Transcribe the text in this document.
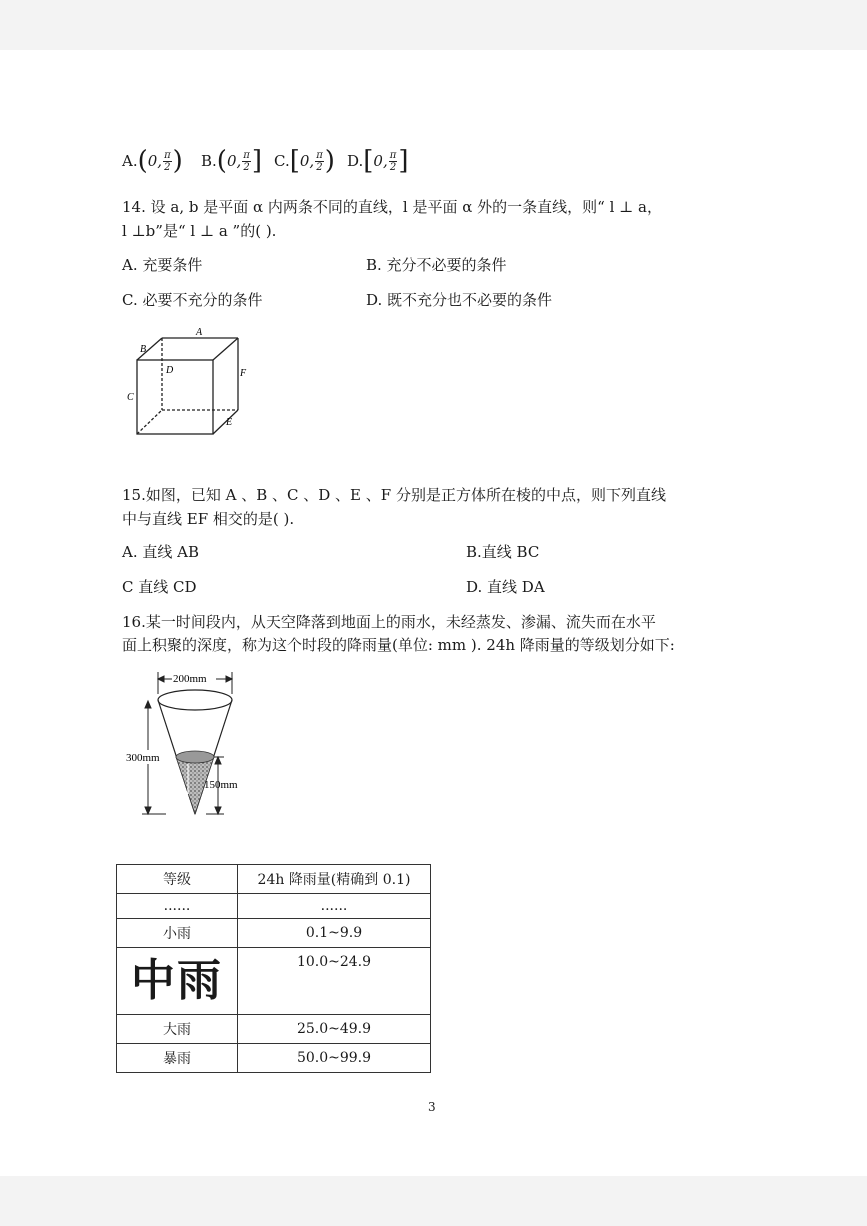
A. ( 0, $\frac{\pi}{2}$ ) B. ( 0, $\frac{\pi}{2}$ ] C. [ 0, $\frac{\pi}{2}$ ) D. [ 0, $\frac{\pi}{2}$ ]
14. 设 a, b 是平面 α 内两条不同的直线，l 是平面 α 外的一条直线，则“ l ⊥ a，
l ⊥b”是“ l ⊥ a ”的( ).
A. 充要条件	B. 充分不必要的条件
C. 必要不充分的条件	D. 既不充分也不必要的条件
A
B
D
C
F
E
15.如图，已知 A 、B 、C 、D 、E 、F 分别是正方体所在棱的中点，则下列直线
中与直线 EF 相交的是( ).
A. 直线 AB	B.直线 BC
C 直线 CD	D. 直线 DA
16.某一时间段内，从天空降落到地面上的雨水，未经蒸发、渗漏、流失而在水平
面上积聚的深度，称为这个时段的降雨量(单位: mm ). 24h 降雨量的等级划分如下:
200mm
300mm
150mm
等级	24h 降雨量(精确到 0.1)
......	......
小雨	0.1~9.9
中雨	10.0~24.9
大雨	25.0~49.9
暴雨	50.0~99.9
3
